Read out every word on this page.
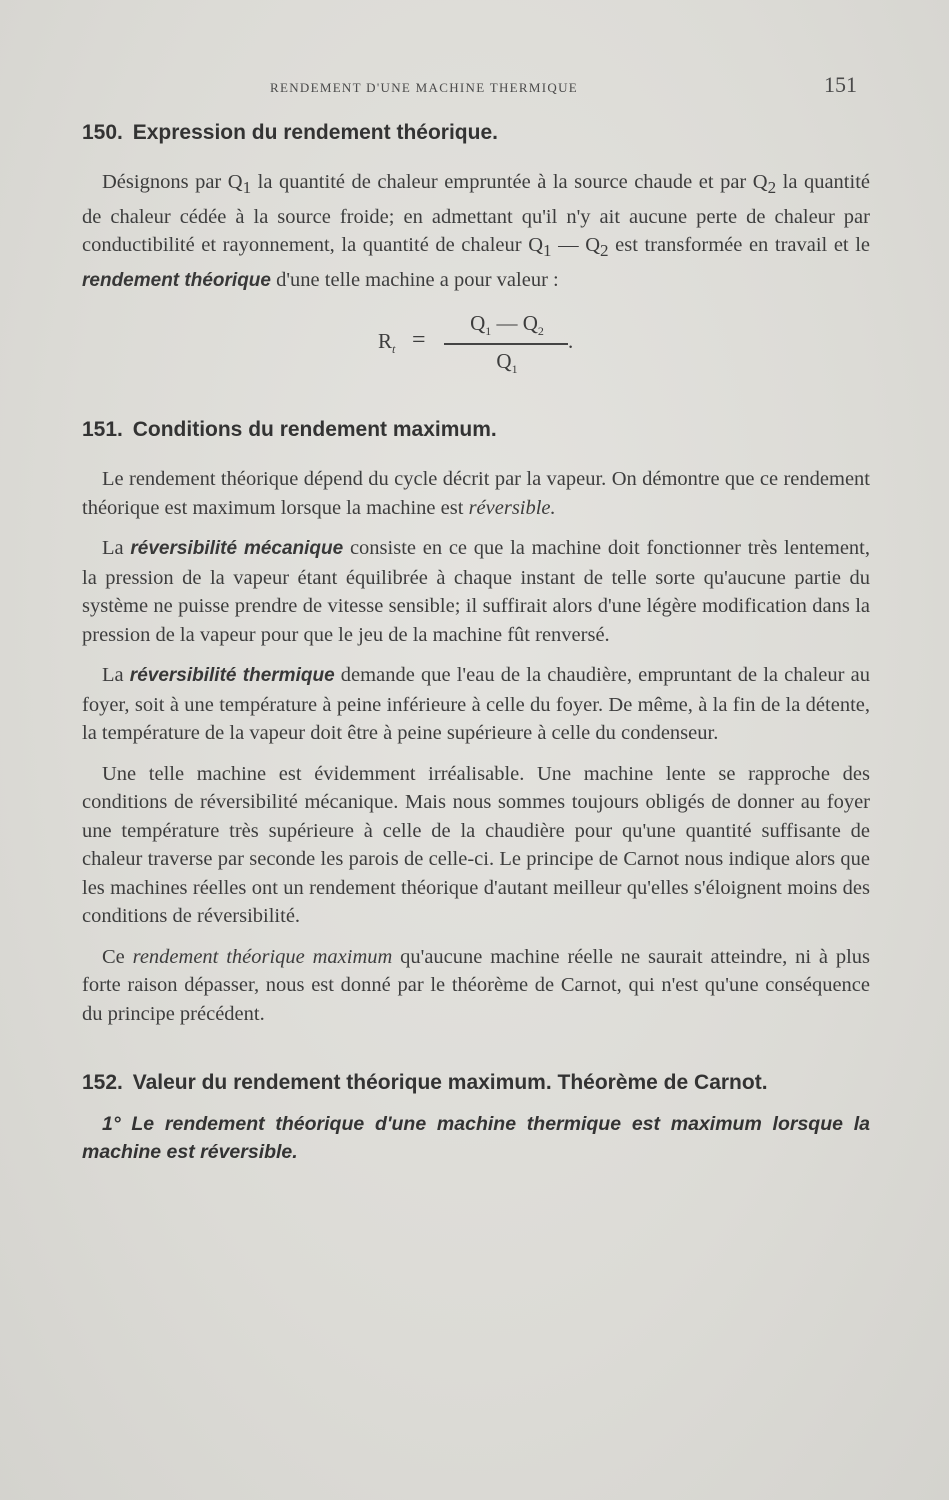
RENDEMENT D'UNE MACHINE THERMIQUE	151
150. Expression du rendement théorique.

Désignons par $Q_1$ la quantité de chaleur empruntée à la source chaude et par $Q_2$ la quantité de chaleur cédée à la source froide; en admettant qu'il n'y ait aucune perte de chaleur par conductibilité et rayonnement, la quantité de chaleur $Q_1$ — $Q_2$ est transformée en travail et le rendement théorique d'une telle machine a pour valeur :

$R_t$ =
$Q_1$ — $Q_2$
$Q_1$
.
151. Conditions du rendement maximum.

Le rendement théorique dépend du cycle décrit par la vapeur. On démontre que ce rendement théorique est maximum lorsque la machine est réversible.

La réversibilité mécanique consiste en ce que la machine doit fonctionner très lentement, la pression de la vapeur étant équilibrée à chaque instant de telle sorte qu'aucune partie du système ne puisse prendre de vitesse sensible; il suffirait alors d'une légère modification dans la pression de la vapeur pour que le jeu de la machine fût renversé.

La réversibilité thermique demande que l'eau de la chaudière, empruntant de la chaleur au foyer, soit à une température à peine inférieure à celle du foyer. De même, à la fin de la détente, la température de la vapeur doit être à peine supérieure à celle du condenseur.

Une telle machine est évidemment irréalisable. Une machine lente se rapproche des conditions de réversibilité mécanique. Mais nous sommes toujours obligés de donner au foyer une température très supérieure à celle de la chaudière pour qu'une quantité suffisante de chaleur traverse par seconde les parois de celle-ci. Le principe de Carnot nous indique alors que les machines réelles ont un rendement théorique d'autant meilleur qu'elles s'éloignent moins des conditions de réversibilité.

Ce rendement théorique maximum qu'aucune machine réelle ne saurait atteindre, ni à plus forte raison dépasser, nous est donné par le théorème de Carnot, qui n'est qu'une conséquence du principe précédent.

152. Valeur du rendement théorique maximum. Théorème de Carnot.

1° Le rendement théorique d'une machine thermique est maximum lorsque la machine est réversible.
